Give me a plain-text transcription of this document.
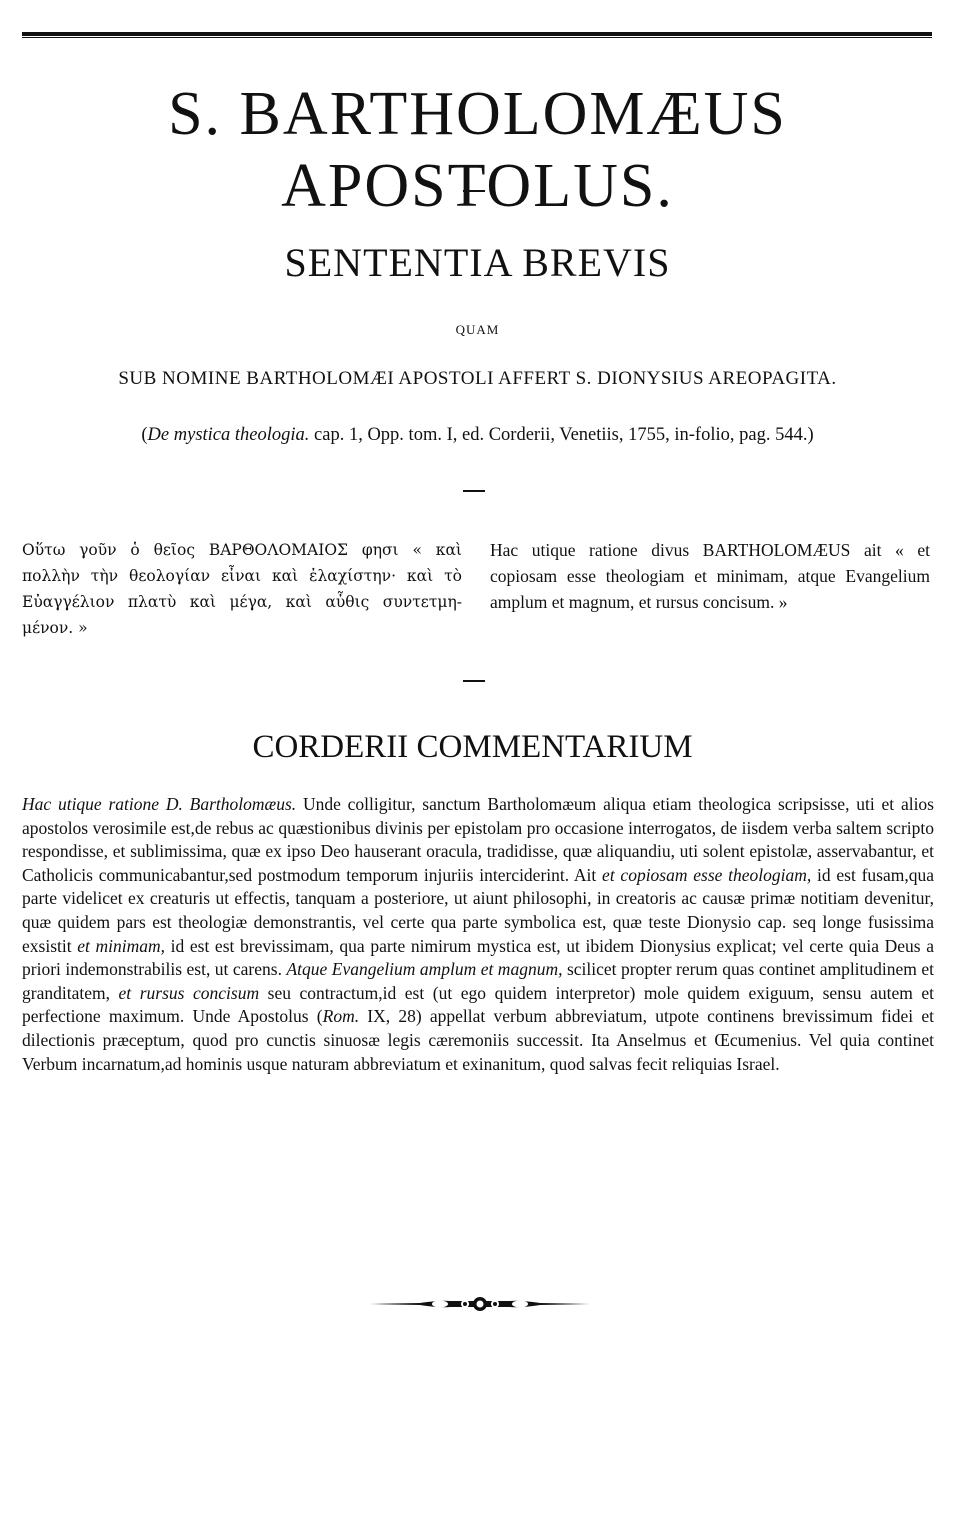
S. BARTHOLOMÆUS APOSTOLUS.
SENTENTIA BREVIS
QUAM
SUB NOMINE BARTHOLOMÆI APOSTOLI AFFERT S. DIONYSIUS AREOPAGITA.
(De mystica theologia. cap. 1, Opp. tom. I, ed. Corderii, Venetiis, 1755, in-folio, pag. 544.)
Οὕτω γοῦν ὁ θεῖος ΒΑΡΘΟΛΟΜΑΙΟΣ φησι « καὶ πολλὴν τὴν θεολογίαν εἶναι καὶ ἐλαχίστην· καὶ τὸ Εὐαγγέλιον πλατὺ καὶ μέγα, καὶ αὖθις συντετμη-μένον. »
Hac utique ratione divus BARTHOLOMÆUS ait « et copiosam esse theologiam et minimam, atque Evangelium amplum et magnum, et rursus concisum. »
CORDERII COMMENTARIUM

Hac utique ratione D. Bartholomæus. Unde colligitur, sanctum Bartholomæum aliqua etiam theologica scripsisse, uti et alios apostolos verosimile est,de rebus ac quæstionibus divinis per epistolam pro occasione interrogatos, de iisdem verba saltem scripto respondisse, et sublimissima, quæ ex ipso Deo hauserant oracula, tradidisse, quæ aliquandiu, uti solent epistolæ, asservabantur, et Catholicis communicabantur,sed postmodum temporum injuriis interciderint. Ait et copiosam esse theologiam, id est fusam,qua parte videlicet ex creaturis ut effectis, tanquam a posteriore, ut aiunt philosophi, in creatoris ac causæ primæ notitiam devenitur, quæ quidem pars est theologiæ demonstrantis, vel certe qua parte symbolica est, quæ teste Dionysio cap. seq longe fusissima exsistit et minimam, id est est brevissimam, qua parte nimirum mystica est, ut ibidem Dionysius explicat; vel certe quia Deus a priori indemonstrabilis est, ut carens. Atque Evangelium amplum et magnum, scilicet propter rerum quas continet amplitudinem et granditatem, et rursus concisum seu contractum,id est (ut ego quidem interpretor) mole quidem exiguum, sensu autem et perfectione maximum. Unde Apostolus (Rom. IX, 28) appellat verbum abbreviatum, utpote continens brevissimum fidei et dilectionis præceptum, quod pro cunctis sinuosæ legis cæremoniis successit. Ita Anselmus et Œcumenius. Vel quia continet Verbum incarnatum,ad hominis usque naturam abbreviatum et exinanitum, quod salvas fecit reliquias Israel.
